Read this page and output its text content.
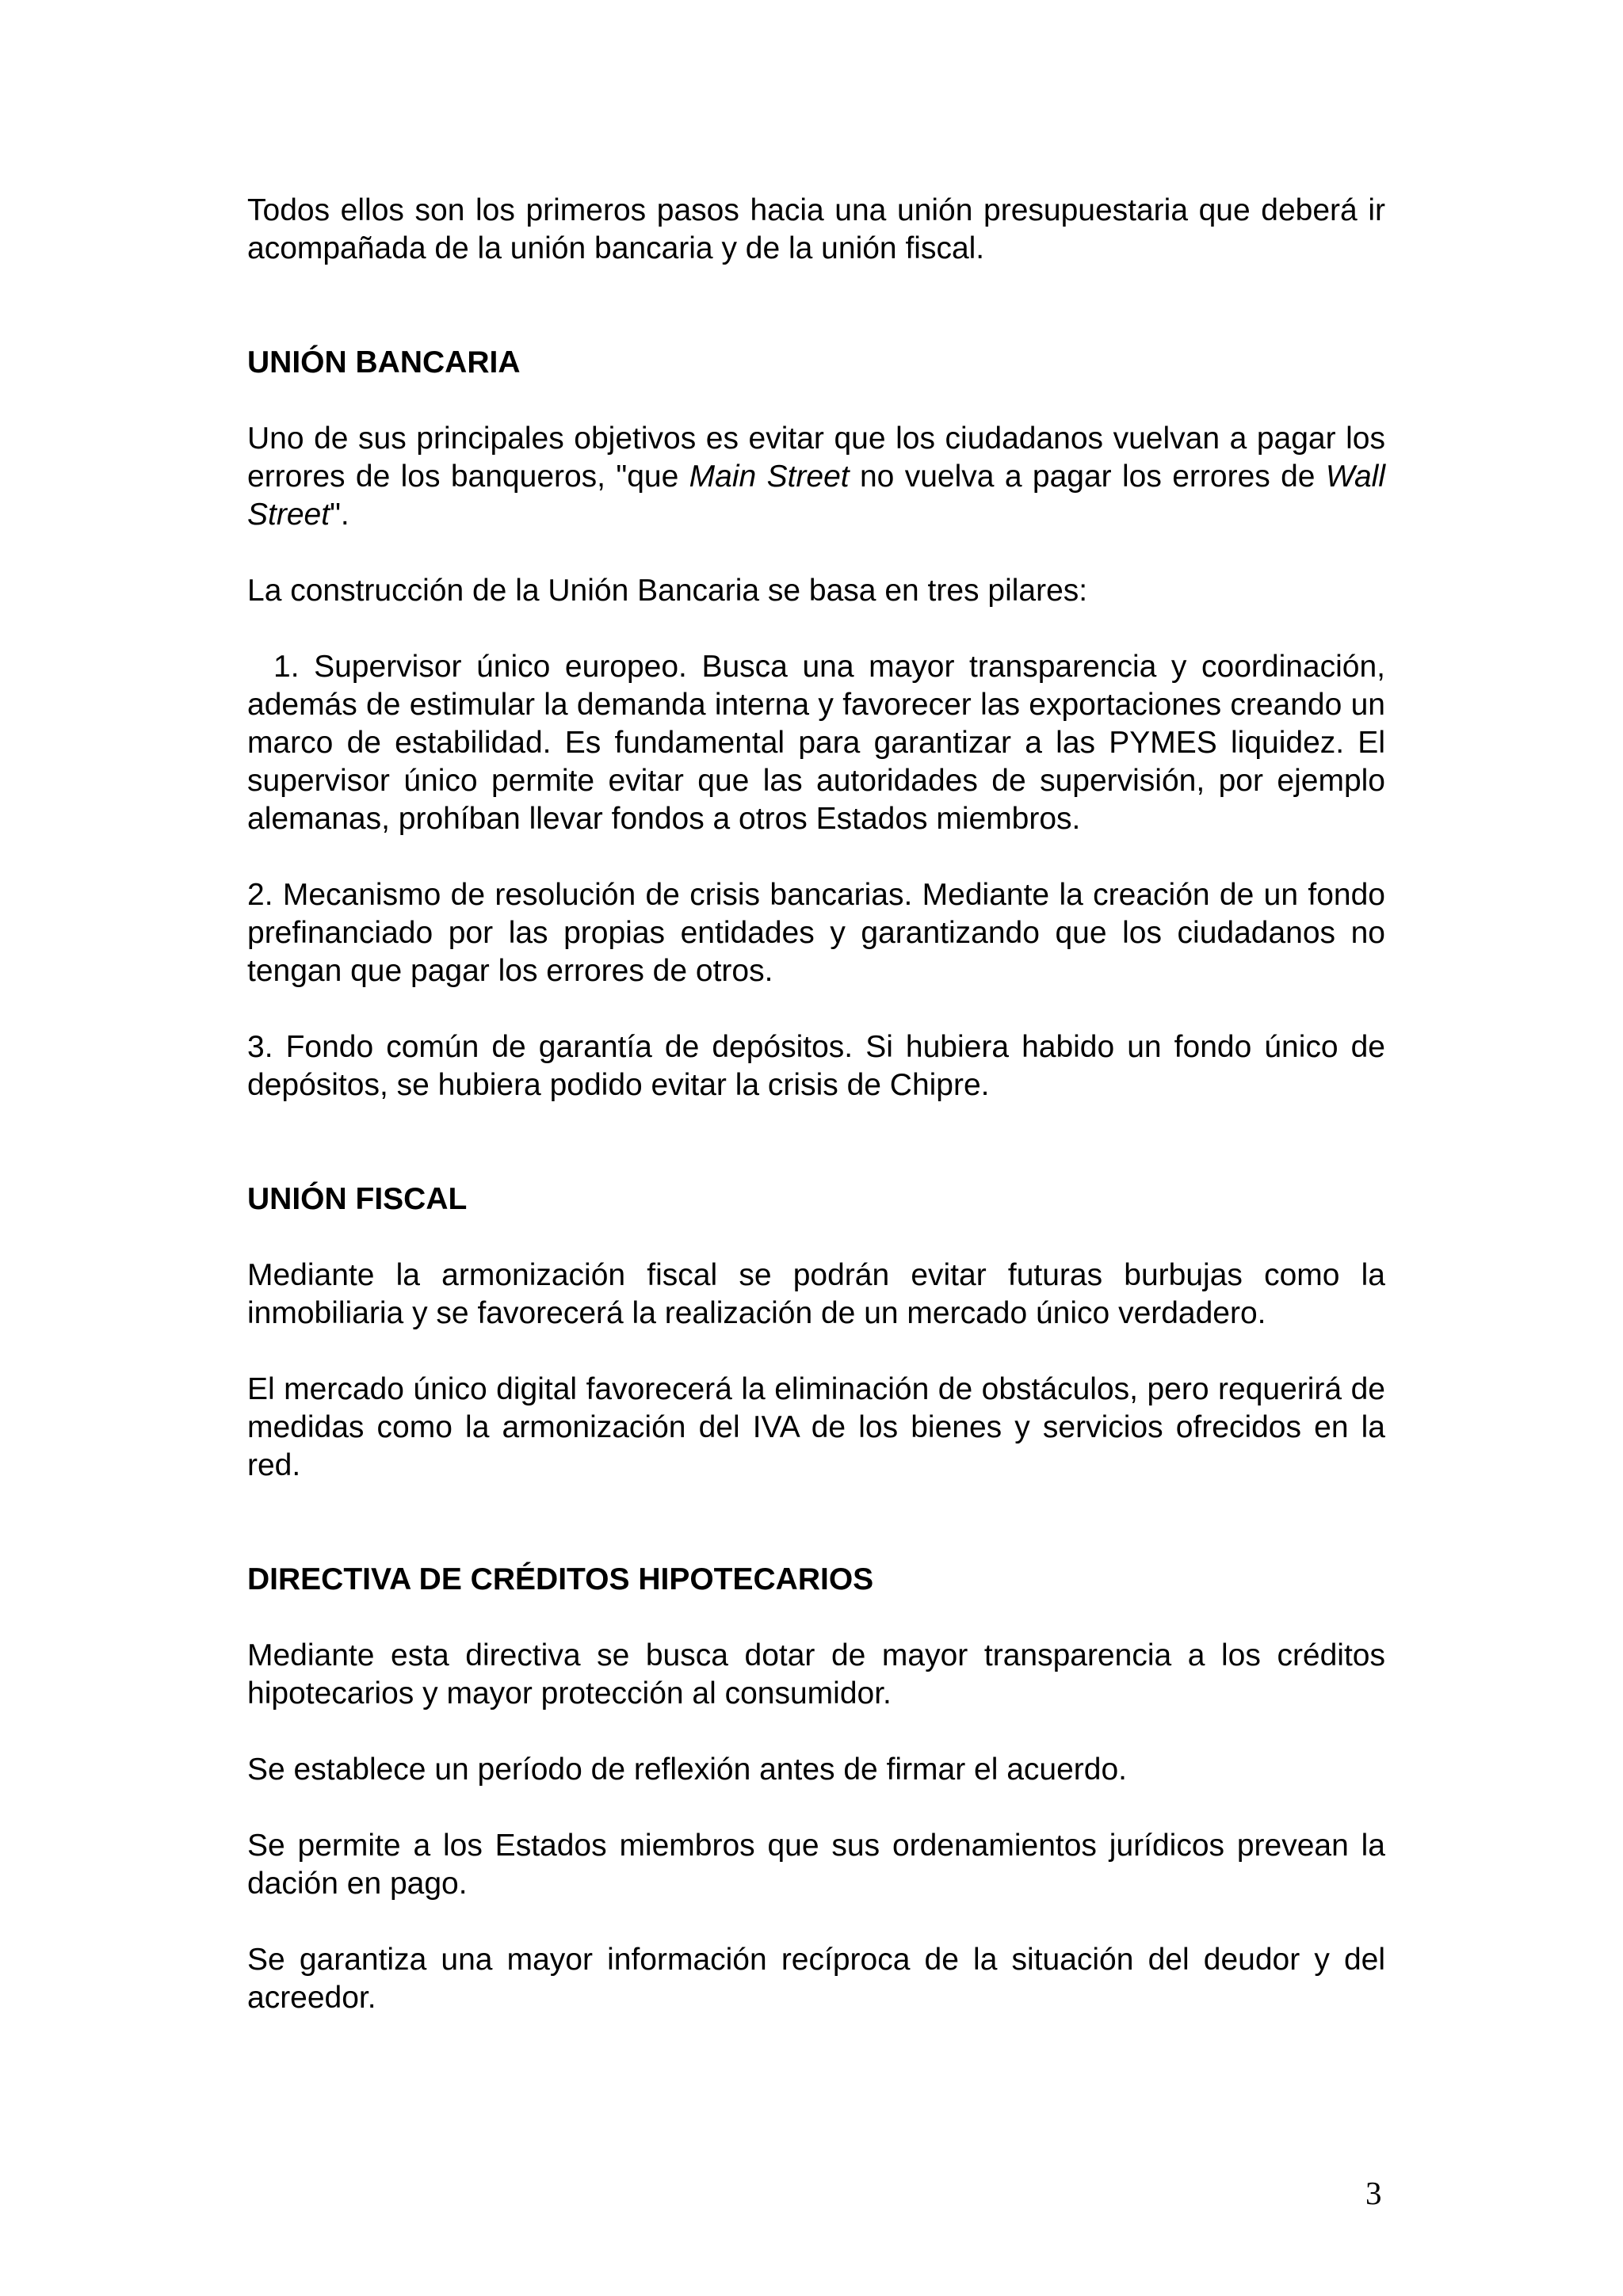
Todos ellos son los primeros pasos hacia una unión presupuestaria que deberá ir acompañada de la unión bancaria y de la unión fiscal.

UNIÓN BANCARIA

Uno de sus principales objetivos es evitar que los ciudadanos vuelvan a pagar los errores de los banqueros, "que Main Street no vuelva a pagar los errores de Wall Street".

La construcción de la Unión Bancaria se basa en tres pilares:

1. Supervisor único europeo. Busca una mayor transparencia y coordinación, además de estimular la demanda interna y favorecer las exportaciones creando un marco de estabilidad. Es fundamental para garantizar a las PYMES liquidez. El supervisor único permite evitar que las autoridades de supervisión, por ejemplo alemanas, prohíban llevar fondos a otros Estados miembros.

2. Mecanismo de resolución de crisis bancarias. Mediante la creación de un fondo prefinanciado por las propias entidades y garantizando que los ciudadanos no tengan que pagar los errores de otros.

3. Fondo común de garantía de depósitos. Si hubiera habido un fondo único de depósitos, se hubiera podido evitar la crisis de Chipre.

UNIÓN FISCAL

Mediante la armonización fiscal se podrán evitar futuras burbujas como la inmobiliaria y se favorecerá la realización de un mercado único verdadero.

El mercado único digital favorecerá la eliminación de obstáculos, pero requerirá de medidas como la armonización del IVA de los bienes y servicios ofrecidos en la red.

DIRECTIVA DE CRÉDITOS HIPOTECARIOS

Mediante esta directiva se busca dotar de mayor transparencia a los créditos hipotecarios y mayor protección al consumidor.

Se establece un período de reflexión antes de firmar el acuerdo.

Se permite a los Estados miembros que sus ordenamientos jurídicos prevean la dación en pago.

Se garantiza una mayor información recíproca de la situación del deudor y del acreedor.

3
